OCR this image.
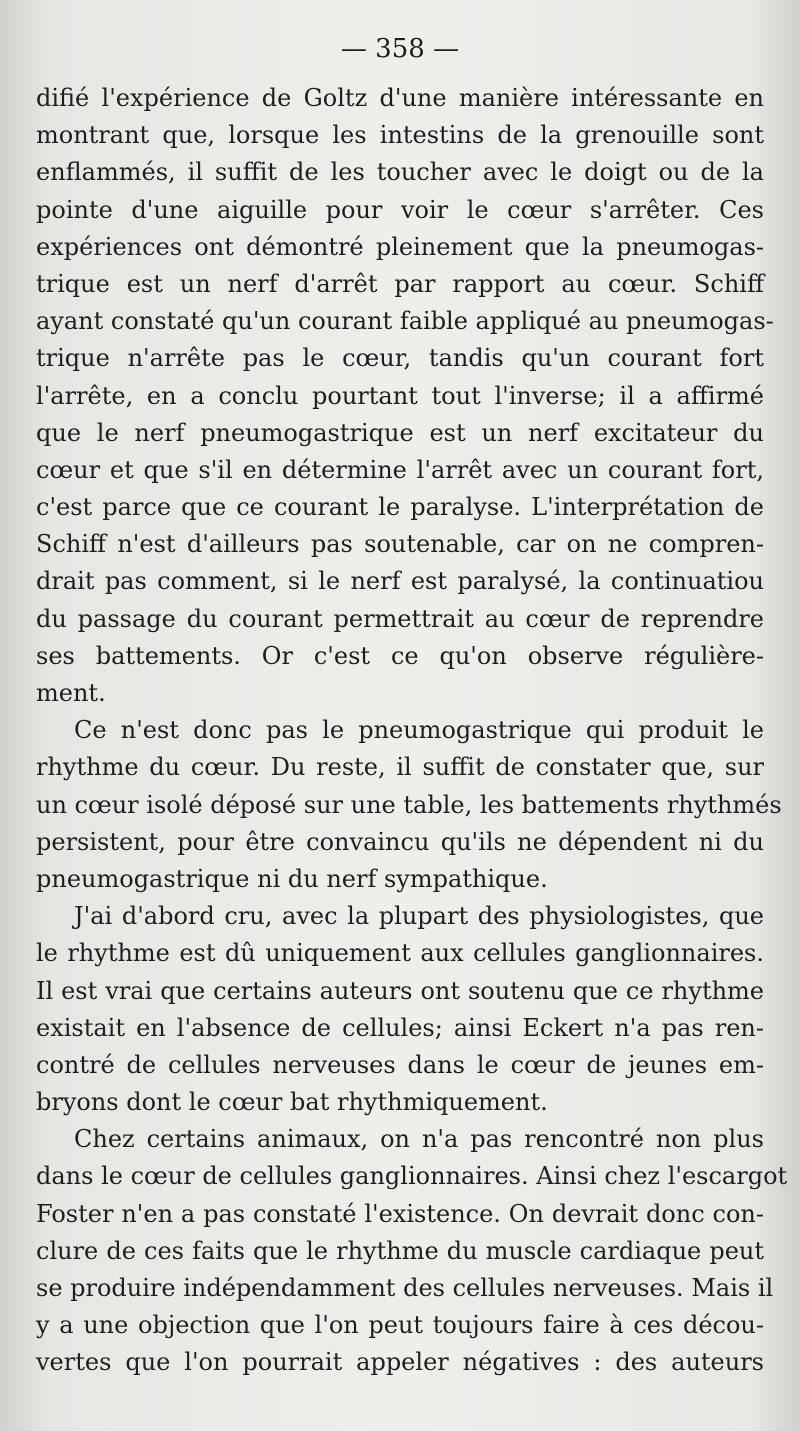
— 358 —
difié l'expérience de Goltz d'une manière intéressante en
montrant que, lorsque les intestins de la grenouille sont
enflammés, il suffit de les toucher avec le doigt ou de la
pointe d'une aiguille pour voir le cœur s'arrêter. Ces
expériences ont démontré pleinement que la pneumogas-
trique est un nerf d'arrêt par rapport au cœur. Schiff
ayant constaté qu'un courant faible appliqué au pneumogas-
trique n'arrête pas le cœur, tandis qu'un courant fort
l'arrête, en a conclu pourtant tout l'inverse; il a affirmé
que le nerf pneumogastrique est un nerf excitateur du
cœur et que s'il en détermine l'arrêt avec un courant fort,
c'est parce que ce courant le paralyse. L'interprétation de
Schiff n'est d'ailleurs pas soutenable, car on ne compren-
drait pas comment, si le nerf est paralysé, la continuatiou
du passage du courant permettrait au cœur de reprendre
ses battements. Or c'est ce qu'on observe régulière-
ment.
Ce n'est donc pas le pneumogastrique qui produit le
rhythme du cœur. Du reste, il suffit de constater que, sur
un cœur isolé déposé sur une table, les battements rhythmés
persistent, pour être convaincu qu'ils ne dépendent ni du
pneumogastrique ni du nerf sympathique.
J'ai d'abord cru, avec la plupart des physiologistes, que
le rhythme est dû uniquement aux cellules ganglionnaires.
Il est vrai que certains auteurs ont soutenu que ce rhythme
existait en l'absence de cellules; ainsi Eckert n'a pas ren-
contré de cellules nerveuses dans le cœur de jeunes em-
bryons dont le cœur bat rhythmiquement.
Chez certains animaux, on n'a pas rencontré non plus
dans le cœur de cellules ganglionnaires. Ainsi chez l'escargot
Foster n'en a pas constaté l'existence. On devrait donc con-
clure de ces faits que le rhythme du muscle cardiaque peut
se produire indépendamment des cellules nerveuses. Mais il
y a une objection que l'on peut toujours faire à ces décou-
vertes que l'on pourrait appeler négatives : des auteurs
